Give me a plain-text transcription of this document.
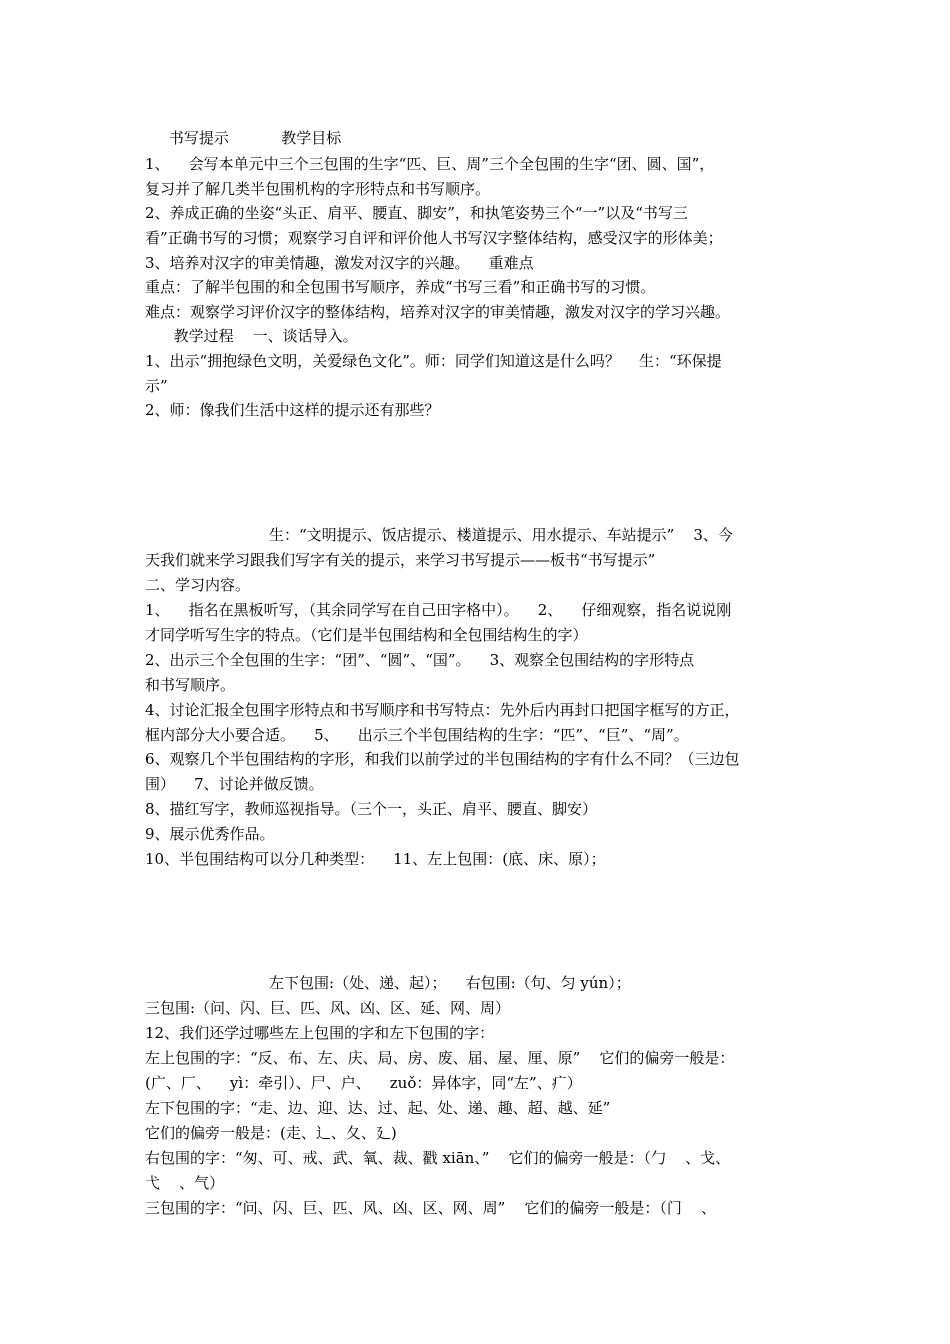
书写提示           教学目标
1、    会写本单元中三个三包围的生字“匹、巨、周”三个全包围的生字“团、圆、国”，
复习并了解几类半包围机构的字形特点和书写顺序。
2、养成正确的坐姿“头正、肩平、腰直、脚安”，和执笔姿势三个“一”以及“书写三
看”正确书写的习惯；观察学习自评和评价他人书写汉字整体结构，感受汉字的形体美；
3、培养对汉字的审美情趣，激发对汉字的兴趣。    重难点
重点：了解半包围的和全包围书写顺序，养成“书写三看”和正确书写的习惯。
难点：观察学习评价汉字的整体结构，培养对汉字的审美情趣，激发对汉字的学习兴趣。
教学过程    一、谈话导入。
1、出示“拥抱绿色文明，关爱绿色文化”。师：同学们知道这是什么吗？    生：“环保提
示”
2、师：像我们生活中这样的提示还有那些？
生：“文明提示、饭店提示、楼道提示、用水提示、车站提示”    3、今
天我们就来学习跟我们写字有关的提示，来学习书写提示——板书“书写提示”
二、学习内容。
1、    指名在黑板听写，（其余同学写在自己田字格中）。    2、    仔细观察，指名说说刚
才同学听写生字的特点。（它们是半包围结构和全包围结构生的字）
2、出示三个全包围的生字：“团”、“圆”、“国”。    3、观察全包围结构的字形特点
和书写顺序。
4、讨论汇报全包围字形特点和书写顺序和书写特点：先外后内再封口把国字框写的方正，
框内部分大小要合适。    5、    出示三个半包围结构的生字：“匹”、“巨”、“周”。
6、观察几个半包围结构的字形，和我们以前学过的半包围结构的字有什么不同？（三边包
围）    7、讨论并做反馈。
8、描红写字，教师巡视指导。（三个一，头正、肩平、腰直、脚安）
9、展示优秀作品。
10、半包围结构可以分几种类型：    11、左上包围：(底、床、原）；
左下包围:（处、递、起）；    右包围:（句、匀 yún）；
三包围:（问、闪、巨、匹、风、凶、区、延、网、周）
12、我们还学过哪些左上包围的字和左下包围的字：
左上包围的字：“反、布、左、庆、局、房、废、届、屋、厘、原”    它们的偏旁一般是：
(广、厂、    yì：牵引）、尸、户、    zuǒ：异体字，同“左”、疒）
左下包围的字：“走、边、迎、达、过、起、处、递、趣、超、越、延”
它们的偏旁一般是：(走、辶、夂、廴)
右包围的字：“匆、可、戒、武、氧、裁、戳 xiān、”    它们的偏旁一般是：（勹    、戈、
弋    、气）
三包围的字：“问、闪、巨、匹、风、凶、区、网、周”    它们的偏旁一般是：（门    、
